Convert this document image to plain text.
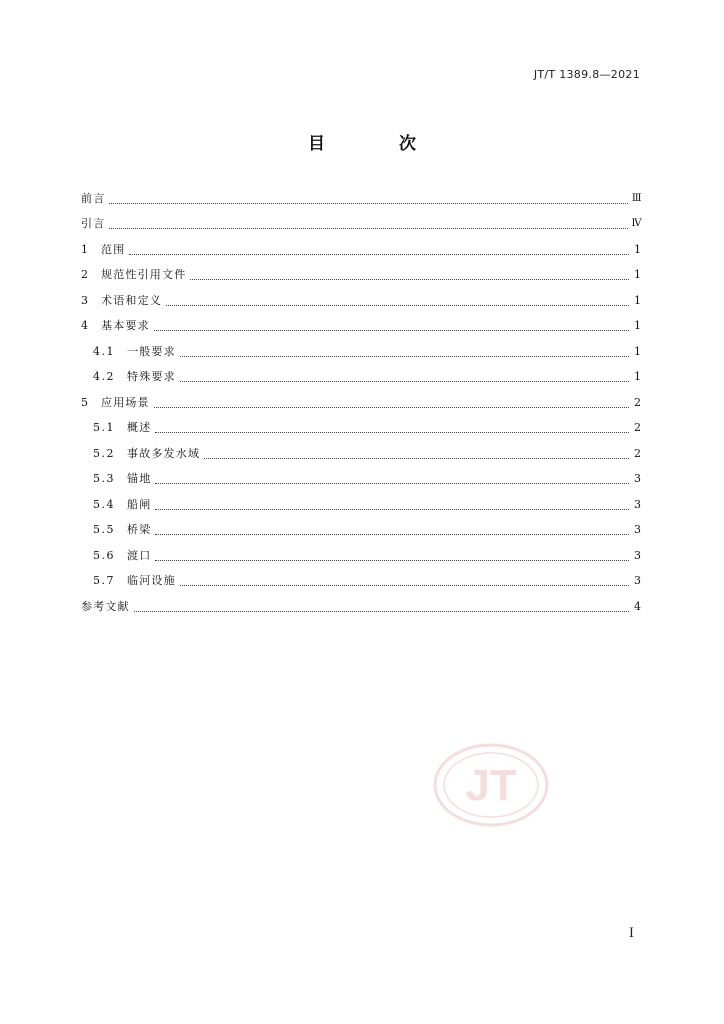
JT/T 1389.8—2021
目 次
前言	Ⅲ
引言	Ⅳ
1 范围	1
2 规范性引用文件	1
3 术语和定义	1
4 基本要求	1
4.1 一般要求	1
4.2 特殊要求	1
5 应用场景	2
5.1 概述	2
5.2 事故多发水域	2
5.3 锚地	3
5.4 船闸	3
5.5 桥梁	3
5.6 渡口	3
5.7 临河设施	3
参考文献	4
JT
I
